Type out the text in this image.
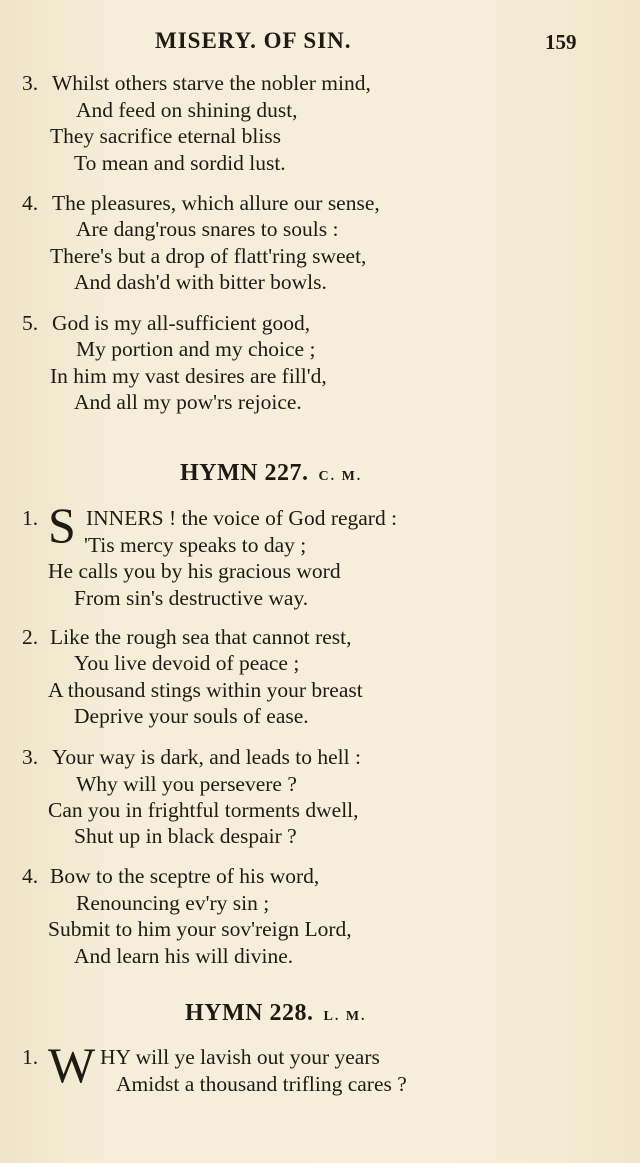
MISERY. OF SIN.	159
3. Whilst others starve the nobler mind,
And feed on shining dust,
They sacrifice eternal bliss
To mean and sordid lust.
4. The pleasures, which allure our sense,
Are dang'rous snares to souls :
There's but a drop of flatt'ring sweet,
And dash'd with bitter bowls.
5. God is my all-sufficient good,
My portion and my choice ;
In him my vast desires are fill'd,
And all my pow'rs rejoice.
HYMN 227. C. M.
1. S INNERS ! the voice of God regard :
'Tis mercy speaks to day ;
He calls you by his gracious word
From sin's destructive way.
2. Like the rough sea that cannot rest,
You live devoid of peace ;
A thousand stings within your breast
Deprive your souls of ease.
3. Your way is dark, and leads to hell :
Why will you persevere ?
Can you in frightful torments dwell,
Shut up in black despair ?
4. Bow to the sceptre of his word,
Renouncing ev'ry sin ;
Submit to him your sov'reign Lord,
And learn his will divine.
HYMN 228. L. M.
1. W HY will ye lavish out your years
Amidst a thousand trifling cares ?
